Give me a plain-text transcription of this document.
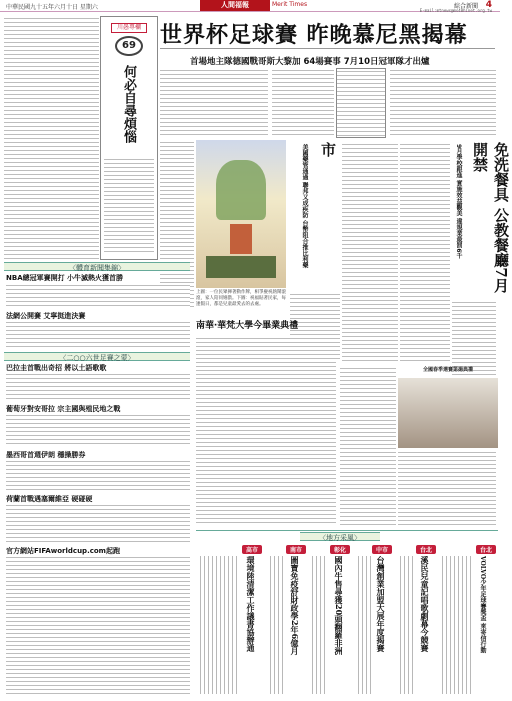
中華民國九十五年六月十日 星期六	人間福報	Merit Times	綜合新聞 4
E-mail:mtnews@ms48hinet.org.tw
川愚專欄
69
何必自尋煩惱
世界杯足球賽 昨晚慕尼黑揭幕
首場地主隊德國戰哥斯大黎加 64場賽事 7月10日冠軍隊才出爐
上圖：一位民眾揮著動作牌，相爭慶祝熱鬧滾滾，家人陪同嬉戲。下圖：祝福貼著民家，每逢假日，都是兒童最愛去的去處。
市
美國藥管通過 聯邦又成疾防 台幣阻合推比利藥	免洗餐具 公教餐廳7月開禁
9月學校跟進 實施效益觀美 違規業最罰6千
南華‧華梵大學今畢業典禮
全國春季選賽第揚典禮
〈體育新聞集錦〉
NBA總冠軍賽開打 小牛滅熱火獲首勝
法網公開賽 艾寧挺進決賽
〈二○○六世足賽之蒙〉
巴拉圭首戰出奇招 將以土語歌歌
葡萄牙對安哥拉 宗主國與殖民地之戰
墨西哥首週伊朗 穩操勝券
荷蘭首戰遇塞爾維亞 硬碰硬
官方網站FIFAworldcup.com起跑
〈地方采風〉
台北
VOLVO少年足球賽獎盃 來寄信行動
台北
溪民兒童記唱歌劇幕今競賽
中市
台灣創業加盟大展年度揭賽
彰化
國內牛售尋獲20頭翻羅非洲
南市
圖寶免疫舒財政學2年6億月
高市
環境陸清潔工作議書協辦通
